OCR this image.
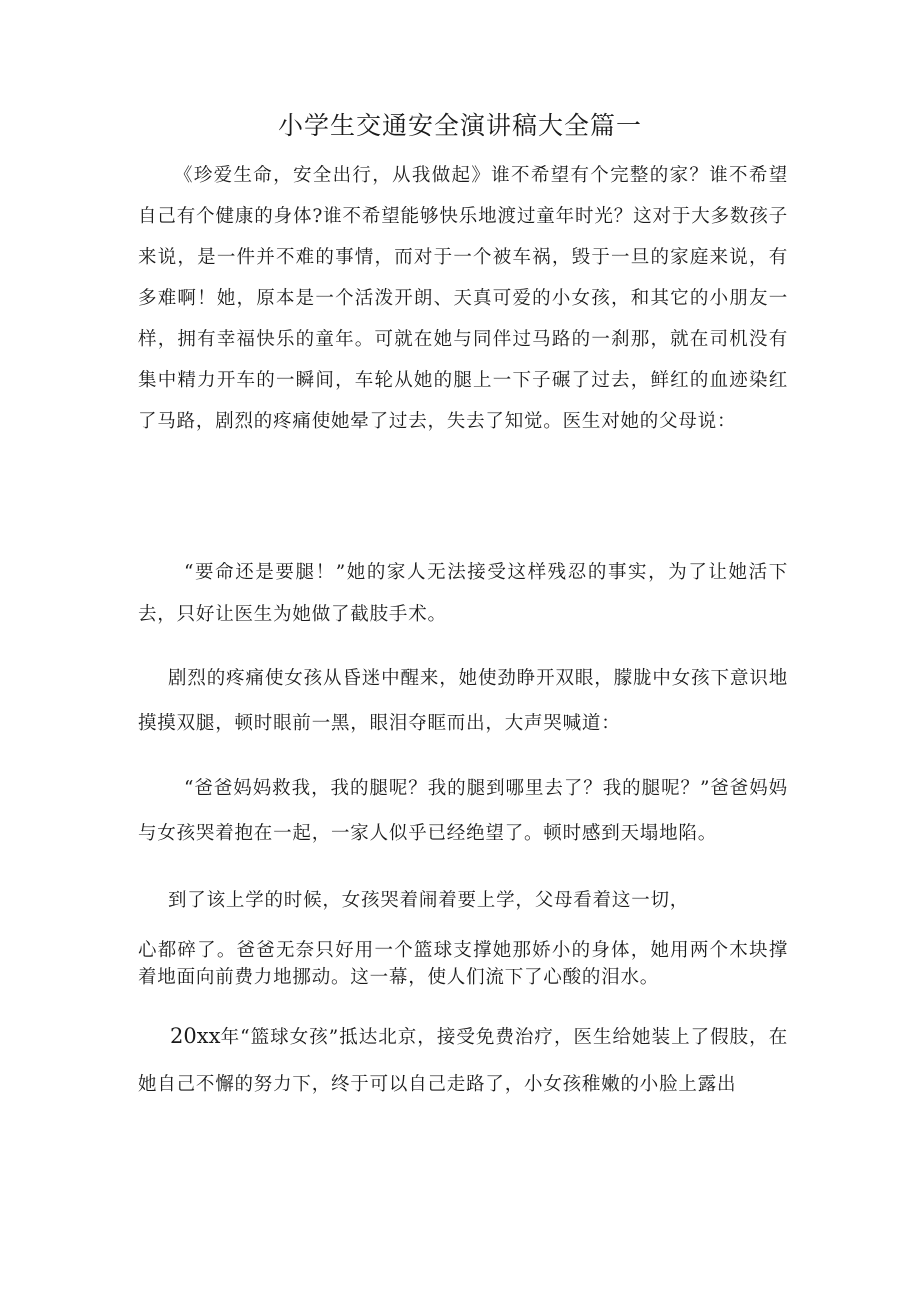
小学生交通安全演讲稿大全篇一

《珍爱生命，安全出行，从我做起》谁不希望有个完整的家？谁不希望自己有个健康的身体?谁不希望能够快乐地渡过童年时光？这对于大多数孩子来说，是一件并不难的事情，而对于一个被车祸，毁于一旦的家庭来说，有多难啊！她，原本是一个活泼开朗、天真可爱的小女孩，和其它的小朋友一样，拥有幸福快乐的童年。可就在她与同伴过马路的一刹那，就在司机没有集中精力开车的一瞬间，车轮从她的腿上一下子碾了过去，鲜红的血迹染红了马路，剧烈的疼痛使她晕了过去，失去了知觉。医生对她的父母说：

“要命还是要腿！”她的家人无法接受这样残忍的事实，为了让她活下去，只好让医生为她做了截肢手术。

剧烈的疼痛使女孩从昏迷中醒来，她使劲睁开双眼，朦胧中女孩下意识地摸摸双腿，顿时眼前一黑，眼泪夺眶而出，大声哭喊道：

“爸爸妈妈救我，我的腿呢？我的腿到哪里去了？我的腿呢？”爸爸妈妈与女孩哭着抱在一起，一家人似乎已经绝望了。顿时感到天塌地陷。

到了该上学的时候，女孩哭着闹着要上学，父母看着这一切，

心都碎了。爸爸无奈只好用一个篮球支撑她那娇小的身体，她用两个木块撑着地面向前费力地挪动。这一幕，使人们流下了心酸的泪水。

20xx年“篮球女孩”抵达北京，接受免费治疗，医生给她装上了假肢，在她自己不懈的努力下，终于可以自己走路了，小女孩稚嫩的小脸上露出
